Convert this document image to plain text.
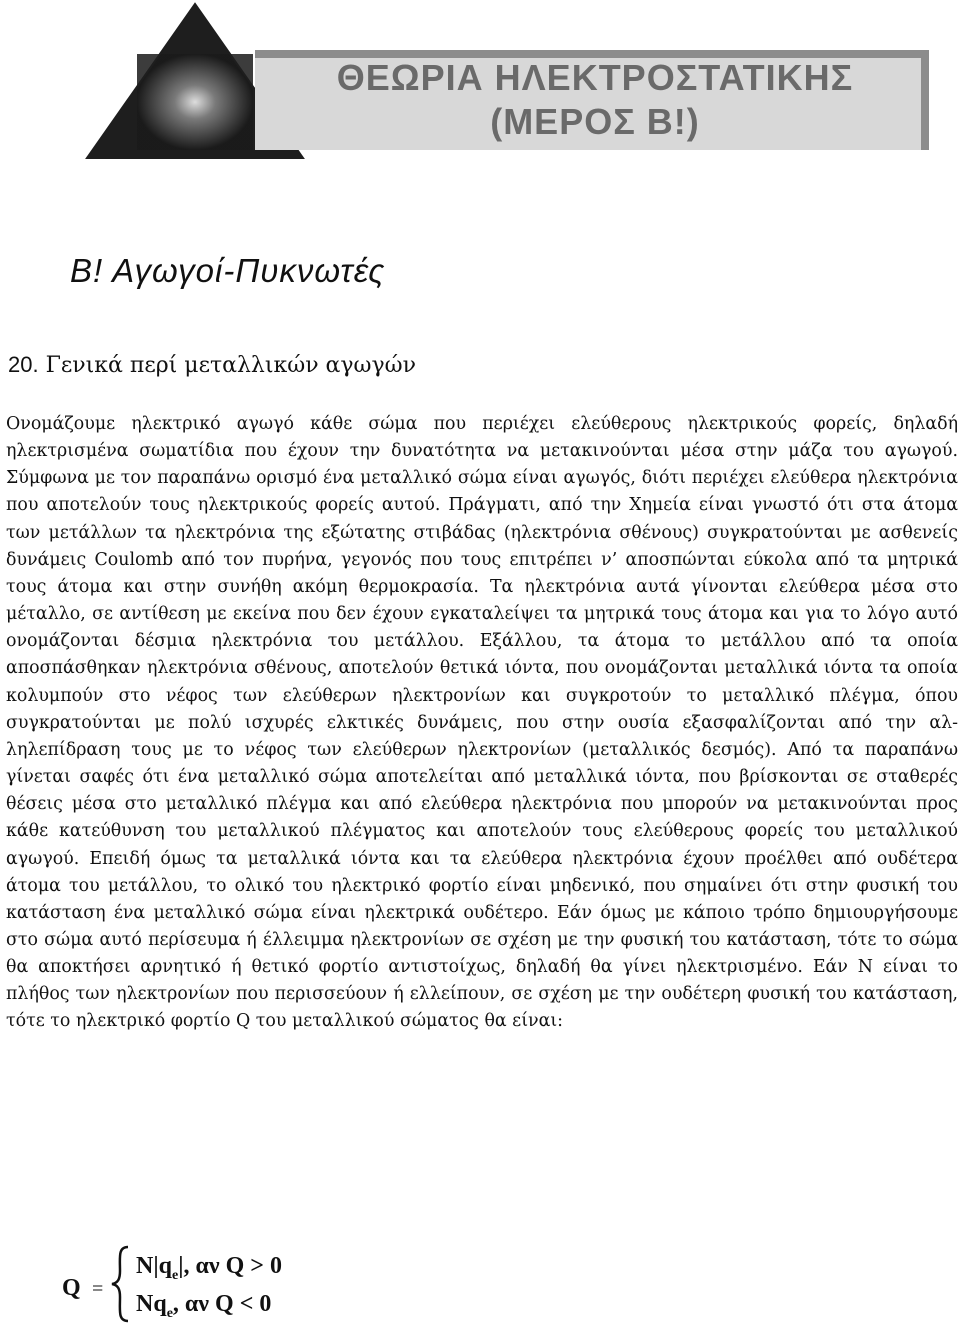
ΘΕΩΡΙΑ ΗΛΕΚΤΡΟΣΤΑΤΙΚΗΣ
(ΜΕΡΟΣ Β!)
Β! Αγωγοί-Πυκνωτές
20. Γενικά περί μεταλλικών αγωγών

Ονομάζουμε ηλεκτρικό αγωγό κάθε σώμα που περιέχει ελεύθερους ηλεκτρικούς φορείς, δηλαδή ηλεκτρισμένα σωματίδια που έχουν την δυνατότητα να μετακινούνται μέσα στην μάζα του αγωγού. Σύμφωνα με τον παραπάνω ορισμό ένα μεταλλικό σώμα είναι αγωγός, διότι περιέχει ελεύθερα ηλεκτρόνια που αποτελούν τους ηλεκτρικούς φορείς αυτού. Πράγματι, από την Χημεία είναι γνωστό ότι στα άτομα των μετάλλων τα ηλεκτρόνια της εξώτατης στιβάδας (ηλεκτρόνια σθένους) συγκρατούνται με ασθενείς δυνάμεις Coulomb από τον πυρήνα, γεγονός που τους επιτρέπει ν’ αποσπώνται εύκολα από τα μητρικά τους άτομα και στην συνήθη ακόμη θερμοκρασία. Τα ηλεκτρόνια αυτά γίνονται ελεύθερα μέσα στο μέταλλο, σε αντίθεση με εκείνα που δεν έχουν εγκαταλείψει τα μητρικά τους άτομα και για το λόγο αυτό ονομάζονται δέσμια ηλεκτρόνια του μετάλλου. Εξάλλου, τα άτομα το μετάλλου από τα οποία αποσπάσθηκαν ηλεκτρόνια σθένους, αποτελούν θετικά ιόντα, που ονομάζονται μεταλλικά ιόντα τα οποία κολυμπούν στο νέφος των ελεύθερων ηλεκτρονίων και συγκροτούν το μεταλλικό πλέγμα, όπου συγκρατούνται με πολύ ισχυρές ελκτικές δυνάμεις, που στην ουσία εξασφαλίζονται από την αλληλεπίδραση τους με το νέφος των ελεύθερων ηλεκτρονίων (μεταλλικός δεσμός). Από τα παραπάνω γίνεται σαφές ότι ένα μεταλλικό σώμα αποτελείται από μεταλλικά ιόντα, που βρίσκονται σε σταθερές θέσεις μέσα στο μεταλλικό πλέγμα και από ελεύθερα ηλεκτρόνια που μπορούν να μετακινούνται προς κάθε κατεύθυνση του μεταλλικού πλέγματος και αποτελούν τους ελεύθερους φορείς του μεταλλικού αγωγού. Επειδή όμως τα μεταλλικά ιόντα και τα ελεύθερα ηλεκτρόνια έχουν προέλθει από ουδέτερα άτομα του μετάλλου, το ολικό του ηλεκτρικό φορτίο είναι μηδενικό, που σημαίνει ότι στην φυσική του κατάσταση ένα μεταλλικό σώμα είναι ηλεκτρικά ουδέτερο. Εάν όμως με κάποιο τρόπο δημιουργήσουμε στο σώμα αυτό περίσευμα ή έλλειμμα ηλεκτρονίων σε σχέση με την φυσική του κατάσταση, τότε το σώμα θα αποκτήσει αρνητικό ή θετικό φορτίο αντιστοίχως, δηλαδή θα γίνει ηλεκτρισμένο. Εάν Ν είναι το πλήθος των ηλεκτρονίων που περισσεύουν ή ελλείπουν, σε σχέση με την ουδέτερη φυσική του κατάσταση, τότε το ηλεκτρικό φορτίο Q του μεταλλικού σώματος θα είναι:

Q =
$N|q_e|$, αν Q > 0
$Nq_e$, αν Q < 0
